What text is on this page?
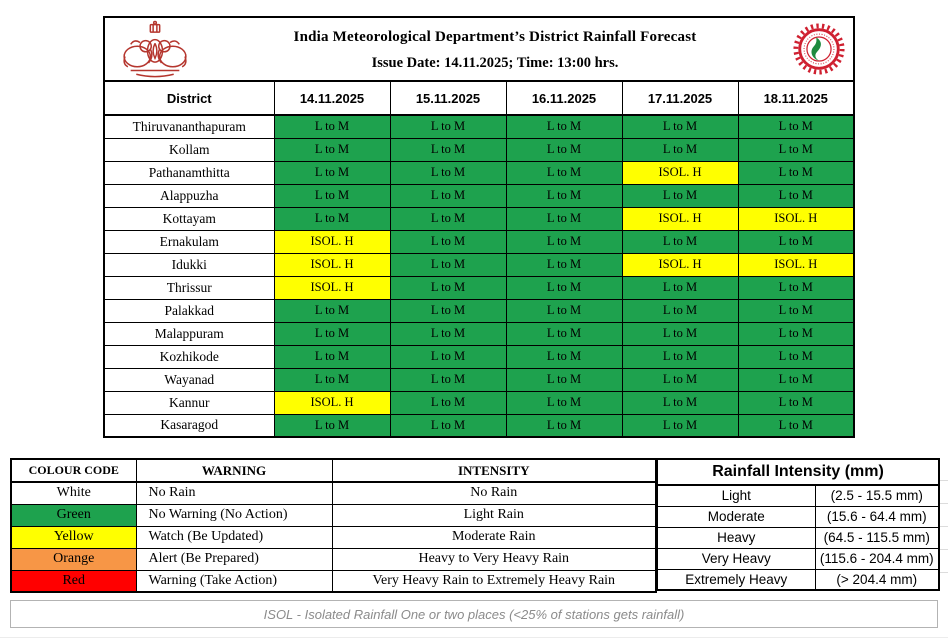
India Meteorological Department’s District Rainfall Forecast
Issue Date: 14.11.2025; Time: 13:00 hrs.
District	14.11.2025	15.11.2025	16.11.2025	17.11.2025	18.11.2025
Thiruvananthapuram	L to M	L to M	L to M	L to M	L to M
Kollam	L to M	L to M	L to M	L to M	L to M
Pathanamthitta	L to M	L to M	L to M	ISOL. H	L to M
Alappuzha	L to M	L to M	L to M	L to M	L to M
Kottayam	L to M	L to M	L to M	ISOL. H	ISOL. H
Ernakulam	ISOL. H	L to M	L to M	L to M	L to M
Idukki	ISOL. H	L to M	L to M	ISOL. H	ISOL. H
Thrissur	ISOL. H	L to M	L to M	L to M	L to M
Palakkad	L to M	L to M	L to M	L to M	L to M
Malappuram	L to M	L to M	L to M	L to M	L to M
Kozhikode	L to M	L to M	L to M	L to M	L to M
Wayanad	L to M	L to M	L to M	L to M	L to M
Kannur	ISOL. H	L to M	L to M	L to M	L to M
Kasaragod	L to M	L to M	L to M	L to M	L to M
COLOUR CODE	WARNING	INTENSITY
White	No Rain	No Rain
Green	No Warning (No Action)	Light Rain
Yellow	Watch (Be Updated)	Moderate Rain
Orange	Alert (Be Prepared)	Heavy to Very Heavy Rain
Red	Warning (Take Action)	Very Heavy Rain to Extremely Heavy Rain
Rainfall Intensity (mm)	
Light	(2.5 - 15.5 mm)
Moderate	(15.6 - 64.4 mm)
Heavy	(64.5 - 115.5 mm)
Very Heavy	(115.6 - 204.4 mm)
Extremely Heavy	(> 204.4 mm)
ISOL - Isolated Rainfall One or two places (<25% of stations gets rainfall)
